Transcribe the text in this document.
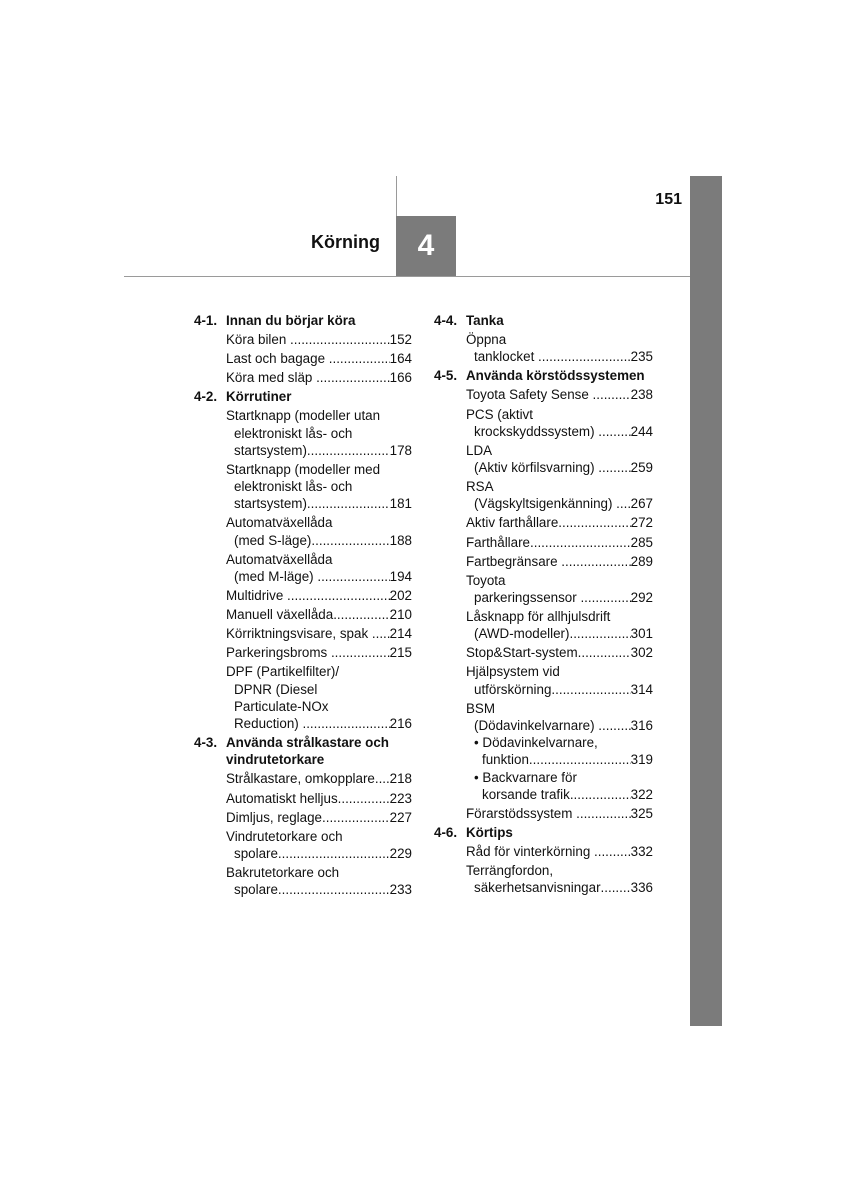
151
4
Körning
4-1. Innan du börjar köra
Köra bilen .....	152
Last och bagage .....	164
Köra med släp .....	166
4-2. Körrutiner
Startknapp (modeller utan
elektroniskt lås- och
startsystem) .....	178
Startknapp (modeller med
elektroniskt lås- och
startsystem) .....	181
Automatväxellåda
(med S-läge) .....	188
Automatväxellåda
(med M-läge) .....	194
Multidrive .....	202
Manuell växellåda .....	210
Körriktningsvisare, spak ..... 214
Parkeringsbroms .....	215
DPF (Partikelfilter)/
DPNR (Diesel
Particulate-NOx
Reduction) .....	216
4-3. Använda strålkastare och vindrutetorkare
Strålkastare, omkopplare ..... 218
Automatiskt helljus .....	223
Dimljus, reglage .....	227
Vindrutetorkare och
spolare .....	229
Bakrutetorkare och
spolare .....	233
4-4. Tanka
Öppna
tanklocket .....	235
4-5. Använda körstödssystemen
Toyota Safety Sense .....	238
PCS (aktivt
krockskyddssystem) ..... 244
LDA
(Aktiv körfilsvarning) ..... 259
RSA
(Vägskyltsigenkänning) ..... 267
Aktiv farthållare .....	272
Farthållare .....	285
Fartbegränsare .....	289
Toyota
parkeringssensor .....	292
Låsknapp för allhjulsdrift
(AWD-modeller) .....	301
Stop&Start-system .....	302
Hjälpsystem vid
utförskörning .....	314
BSM
(Dödavinkelvarnare) ..... 316
• Dödavinkelvarnare,
funktion .....	319
• Backvarnare för
korsande trafik .....	322
Förarstödssystem .....	325
4-6. Körtips
Råd för vinterkörning .....	332
Terrängfordon,
säkerhetsanvisningar ..... 336
